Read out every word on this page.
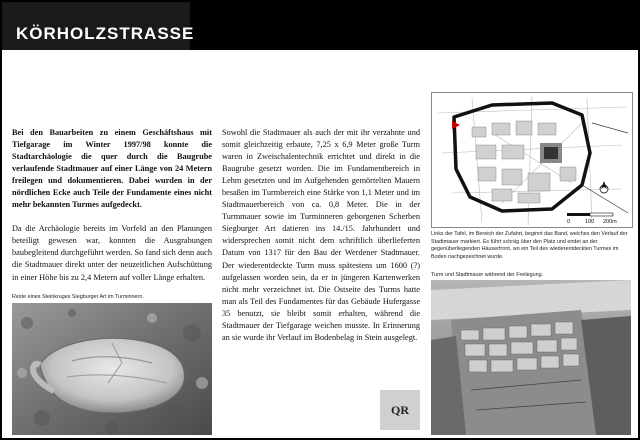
KÖRHOLZSTRASSE

Bei den Bauarbeiten zu einem Geschäftshaus mit Tiefgarage im Winter 1997/98 konnte die Stadtarchäologie die quer durch die Baugrube verlaufende Stadtmauer auf einer Länge von 24 Metern freilegen und dokumentieren. Dabei wurden in der nördlichen Ecke auch Teile der Fundamente eines nicht mehr bekannten Turmes aufgedeckt.

Da die Archäologie bereits im Vorfeld an den Planungen beteiligt gewesen war, konnten die Ausgrabungen baubegleitend durchgeführt werden. So fand sich denn auch die Stadtmauer direkt unter der neuzeitlichen Aufschüttung in einer Höhe bis zu 2,4 Metern auf voller Länge erhalten.

Sowohl die Stadtmauer als auch der mit ihr verzahnte und somit gleichzeitig erbaute, 7,25 x 6,9 Meter große Turm waren in Zweischalentechnik errichtet und direkt in die Baugrube gesetzt worden. Die im Fundamentbereich in Lehm gesetzten und im Aufgehenden gemörtelten Mauern besaßen im Turmbereich eine Stärke von 1,1 Meter und im Stadtmauerbereich von ca. 0,8 Meter. Die in der Turmmauer sowie im Turminneren geborgenen Scherben Siegburger Art datieren ins 14./15. Jahrhundert und widersprechen somit nicht dem schriftlich überlieferten Datum von 1317 für den Bau der Werdener Stadtmauer. Der wiederentdeckte Turm muss spätestens um 1600 (?) aufgelassen worden sein, da er in jüngeren Kartenwerken nicht mehr verzeichnet ist. Die Ostseite des Turms hatte man als Teil des Fundamentes für das Gebäude Hufergasse 35 benutzt, sie bleibt somit erhalten, während die Stadtmauer der Tiefgarage weichen musste. In Erinnerung an sie wurde ihr Verlauf im Bodenbelag in Stein ausgelegt.

Reste eines Steinkruges Siegburger Art im Turminnern.
0	100 200m
Links der Tafel, im Bereich der Zufahrt, beginnt das Band, welches den Verlauf der Stadtmauer markiert. Es führt schräg über den Platz und endet an der gegenüberliegenden Häuserfront, wo ein Teil des wiederentdeckten Turmes im Boden nachgezeichnet wurde.
Turm und Stadtmauer während der Freilegung.
QR
